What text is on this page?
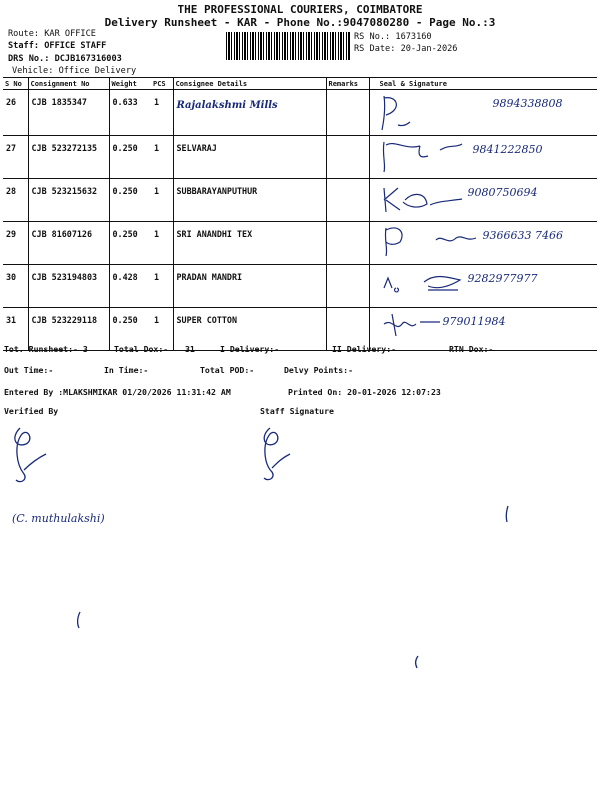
THE PROFESSIONAL COURIERS, COIMBATORE
Delivery Runsheet - KAR - Phone No.:9047080280 - Page No.:3
Route: KAR OFFICE
Staff: OFFICE STAFF
DRS No.: DCJB167316003
Vehicle: Office Delivery
RS No.: 1673160
RS Date: 20-Jan-2026
S No	Consignment No	Weight	PCS	Consignee Details	Remarks	Seal & Signature
26	CJB 1835347	0.633	1	Rajalakshmi Mills		9894338808
27	CJB 523272135	0.250	1	SELVARAJ		9841222850
28	CJB 523215632	0.250	1	SUBBARAYANPUTHUR		9080750694
29	CJB 81607126	0.250	1	SRI ANANDHI TEX		9366633 7466
30	CJB 523194803	0.428	1	PRADAN MANDRI		9282977977
31	CJB 523229118	0.250	1	SUPER COTTON		979011984
Tot. Runsheet:- 3	Total Dox:- 31	I Delivery:-	II Delivery:-	RTN Dox:-
Out Time:-	In Time:-	Total POD:-	Delvy Points:-
Entered By :MLAKSHMIKAR 01/20/2026 11:31:42 AM	Printed On: 20-01-2026 12:07:23
Verified By	Staff Signature
(C. muthulakshi)
